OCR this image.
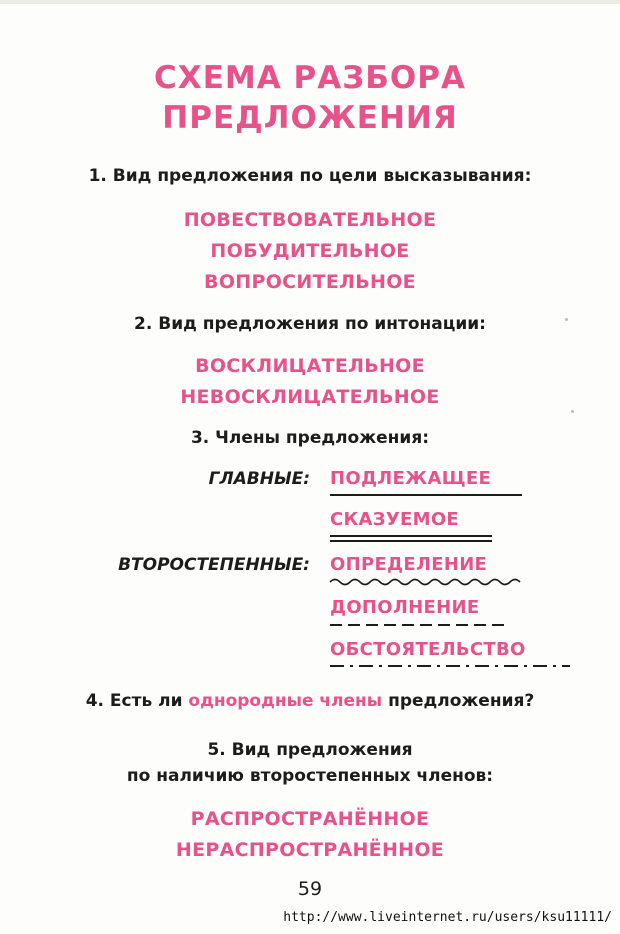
СХЕМА РАЗБОРА
ПРЕДЛОЖЕНИЯ
1. Вид предложения по цели высказывания:
ПОВЕСТВОВАТЕЛЬНОЕ
ПОБУДИТЕЛЬНОЕ
ВОПРОСИТЕЛЬНОЕ
2. Вид предложения по интонации:
ВОСКЛИЦАТЕЛЬНОЕ
НЕВОСКЛИЦАТЕЛЬНОЕ
3. Члены предложения:
ГЛАВНЫЕ: ПОДЛЕЖАЩЕЕ
СКАЗУЕМОЕ
ВТОРОСТЕПЕННЫЕ: ОПРЕДЕЛЕНИЕ
ДОПОЛНЕНИЕ
ОБСТОЯТЕЛЬСТВО
4. Есть ли однородные члены предложения?
5. Вид предложения
по наличию второстепенных членов:
РАСПРОСТРАНЁННОЕ
НЕРАСПРОСТРАНЁННОЕ
59
http://www.liveinternet.ru/users/ksu11111/
